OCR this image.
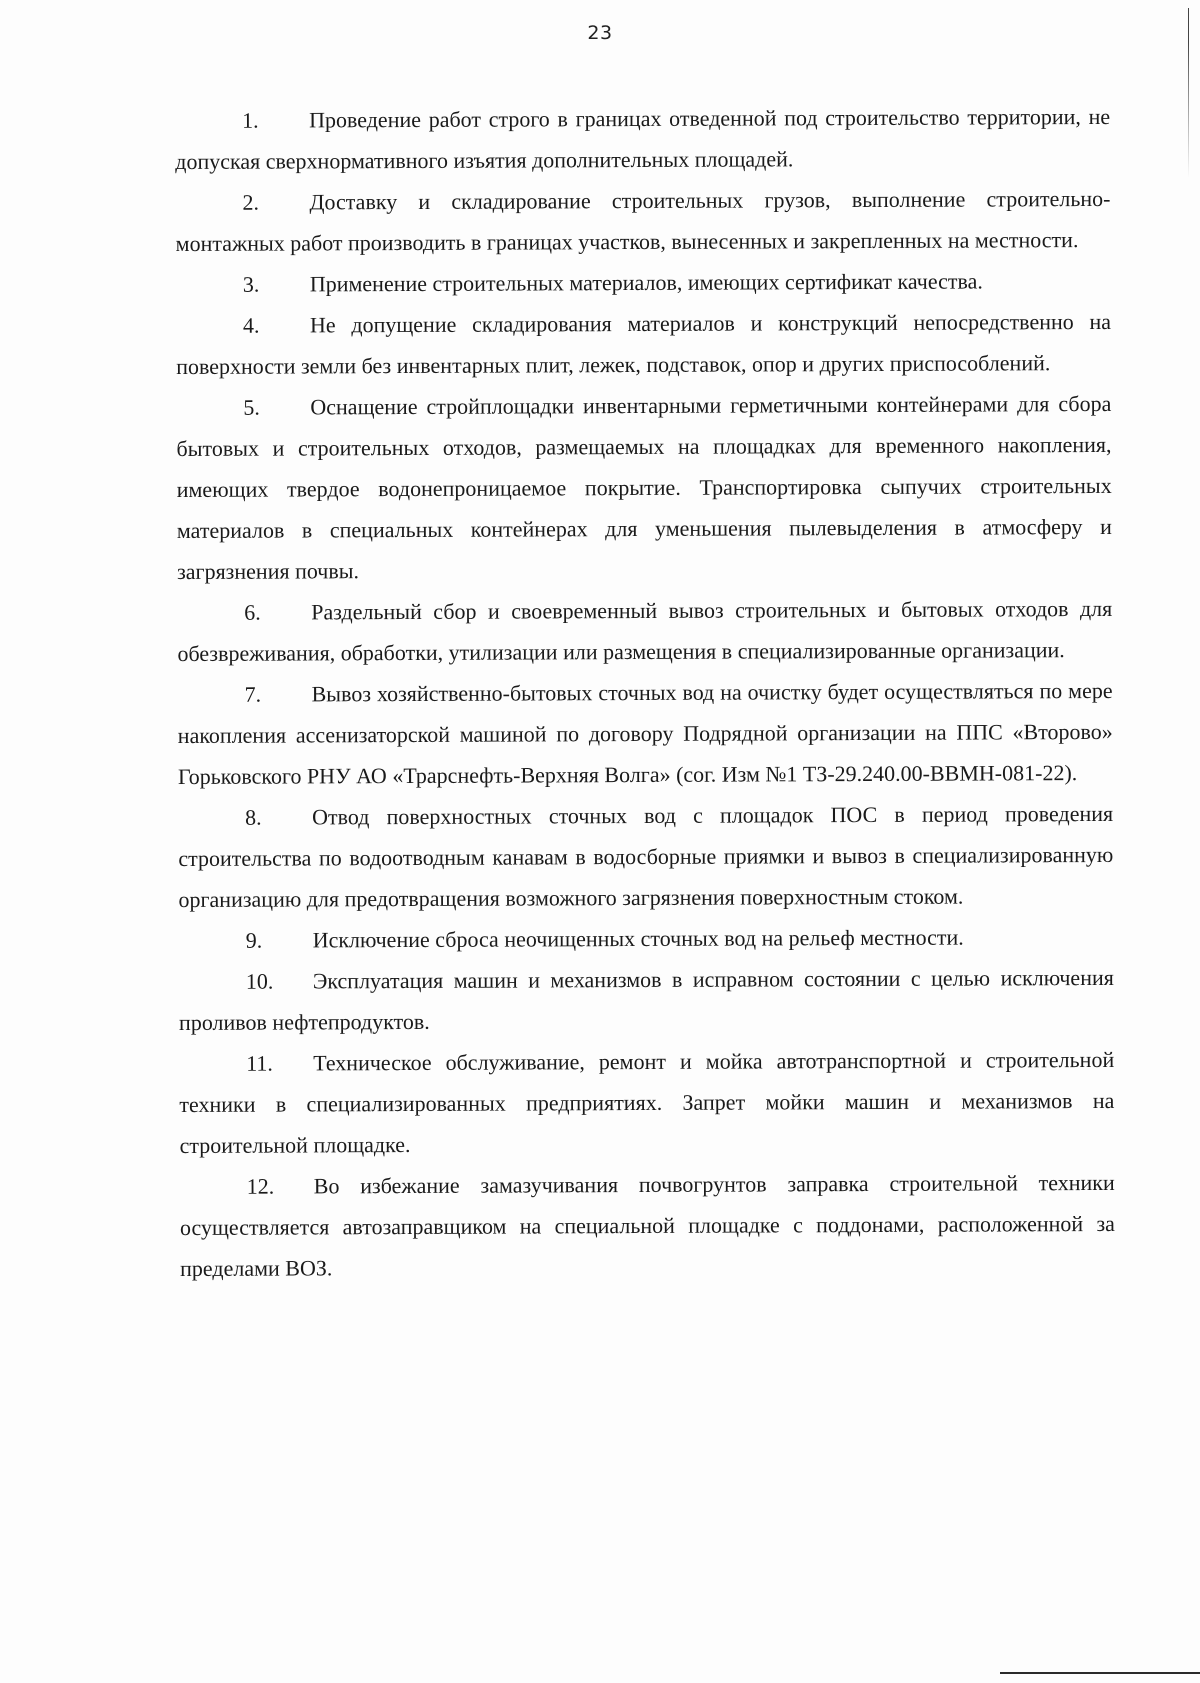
23

1. Проведение работ строго в границах отведенной под строительство территории, не допуская сверхнормативного изъятия дополнительных площадей.

2. Доставку и складирование строительных грузов, выполнение строительно-монтажных работ производить в границах участков, вынесенных и закрепленных на местности.

3. Применение строительных материалов, имеющих сертификат качества.

4. Не допущение складирования материалов и конструкций непосредственно на поверхности земли без инвентарных плит, лежек, подставок, опор и других приспособлений.

5. Оснащение стройплощадки инвентарными герметичными контейнерами для сбора бытовых и строительных отходов, размещаемых на площадках для временного накопления, имеющих твердое водонепроницаемое покрытие. Транспортировка сыпучих строительных материалов в специальных контейнерах для уменьшения пылевыделения в атмосферу и загрязнения почвы.

6. Раздельный сбор и своевременный вывоз строительных и бытовых отходов для обезвреживания, обработки, утилизации или размещения в специализированные организации.

7. Вывоз хозяйственно-бытовых сточных вод на очистку будет осуществляться по мере накопления ассенизаторской машиной по договору Подрядной организации на ППС «Второво» Горьковского РНУ АО «Трарснефть-Верхняя Волга» (сог. Изм №1 ТЗ-29.240.00-ВВМН-081-22).

8. Отвод поверхностных сточных вод с площадок ПОС в период проведения строительства по водоотводным канавам в водосборные приямки и вывоз в специализированную организацию для предотвращения возможного загрязнения поверхностным стоком.

9. Исключение сброса неочищенных сточных вод на рельеф местности.

10. Эксплуатация машин и механизмов в исправном состоянии с целью исключения проливов нефтепродуктов.

11. Техническое обслуживание, ремонт и мойка автотранспортной и строительной техники в специализированных предприятиях. Запрет мойки машин и механизмов на строительной площадке.

12. Во избежание замазучивания почвогрунтов заправка строительной техники осуществляется автозаправщиком на специальной площадке с поддонами, расположенной за пределами ВОЗ.
